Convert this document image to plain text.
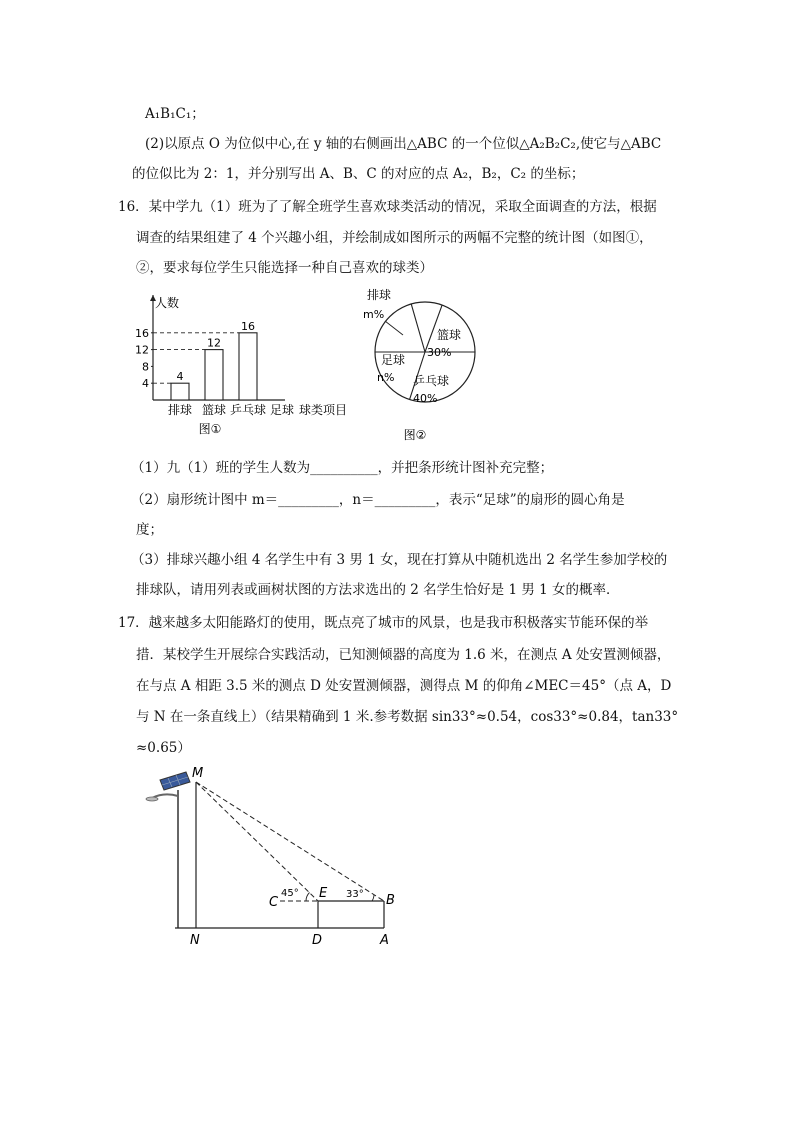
A₁B₁C₁；
(2)以原点 O 为位似中心,在 y 轴的右侧画出△ABC 的一个位似△A₂B₂C₂,使它与△ABC
的位似比为 2：1，并分别写出 A、B、C 的对应的点 A₂，B₂，C₂ 的坐标；
16．某中学九（1）班为了了解全班学生喜欢球类活动的情况，采取全面调查的方法，根据
调查的结果组建了 4 个兴趣小组，并绘制成如图所示的两幅不完整的统计图（如图①，
②，要求每位学生只能选择一种自己喜欢的球类）
人数
4
8
12
16
4
排球
12
篮球
16
乒乓球 足球 球类项目
图①
排球
m%
篮球
30%
乒乓球
40%
足球
n%
图②
（1）九（1）班的学生人数为__________，并把条形统计图补充完整；
（2）扇形统计图中 m＝_________，n＝_________，表示“足球”的扇形的圆心角是
度；
（3）排球兴趣小组 4 名学生中有 3 男 1 女，现在打算从中随机选出 2 名学生参加学校的
排球队，请用列表或画树状图的方法求选出的 2 名学生恰好是 1 男 1 女的概率．
17．越来越多太阳能路灯的使用，既点亮了城市的风景，也是我市积极落实节能环保的举
措．某校学生开展综合实践活动，已知测倾器的高度为 1.6 米，在测点 A 处安置测倾器，
在与点 A 相距 3.5 米的测点 D 处安置测倾器，测得点 M 的仰角∠MEC＝45°（点 A，D
与 N 在一条直线上）（结果精确到 1 米.参考数据 sin33°≈0.54，cos33°≈0.84，tan33°
≈0.65）
M
N
C
E
D
B
A
45°	33°
